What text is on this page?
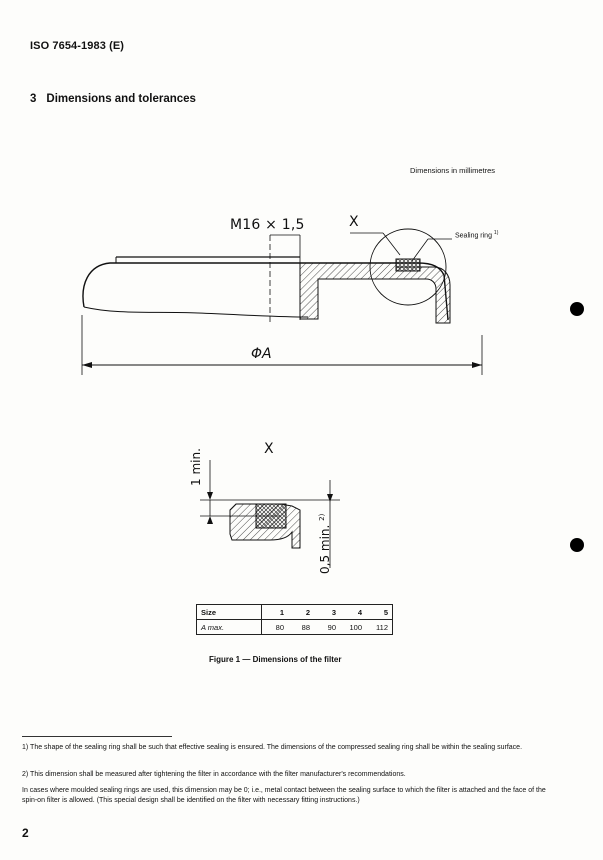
ISO 7654-1983 (E)
3 Dimensions and tolerances
Dimensions in millimetres
M16 × 1,5	X
Sealing ring $^{1)}$
ΦA
X
1 min.
0,5 min. $^{2)}$
Size	1	2	3	4	5
A max.	80	88	90	100	112
Figure 1 — Dimensions of the filter
1) The shape of the sealing ring shall be such that effective sealing is ensured. The dimensions of the compressed sealing ring shall be within the sealing surface.
2) This dimension shall be measured after tightening the filter in accordance with the filter manufacturer's recommendations.
In cases where moulded sealing rings are used, this dimension may be 0; i.e., metal contact between the sealing surface to which the filter is attached and the face of the spin-on filter is allowed. (This special design shall be identified on the filter with necessary fitting instructions.)
2
